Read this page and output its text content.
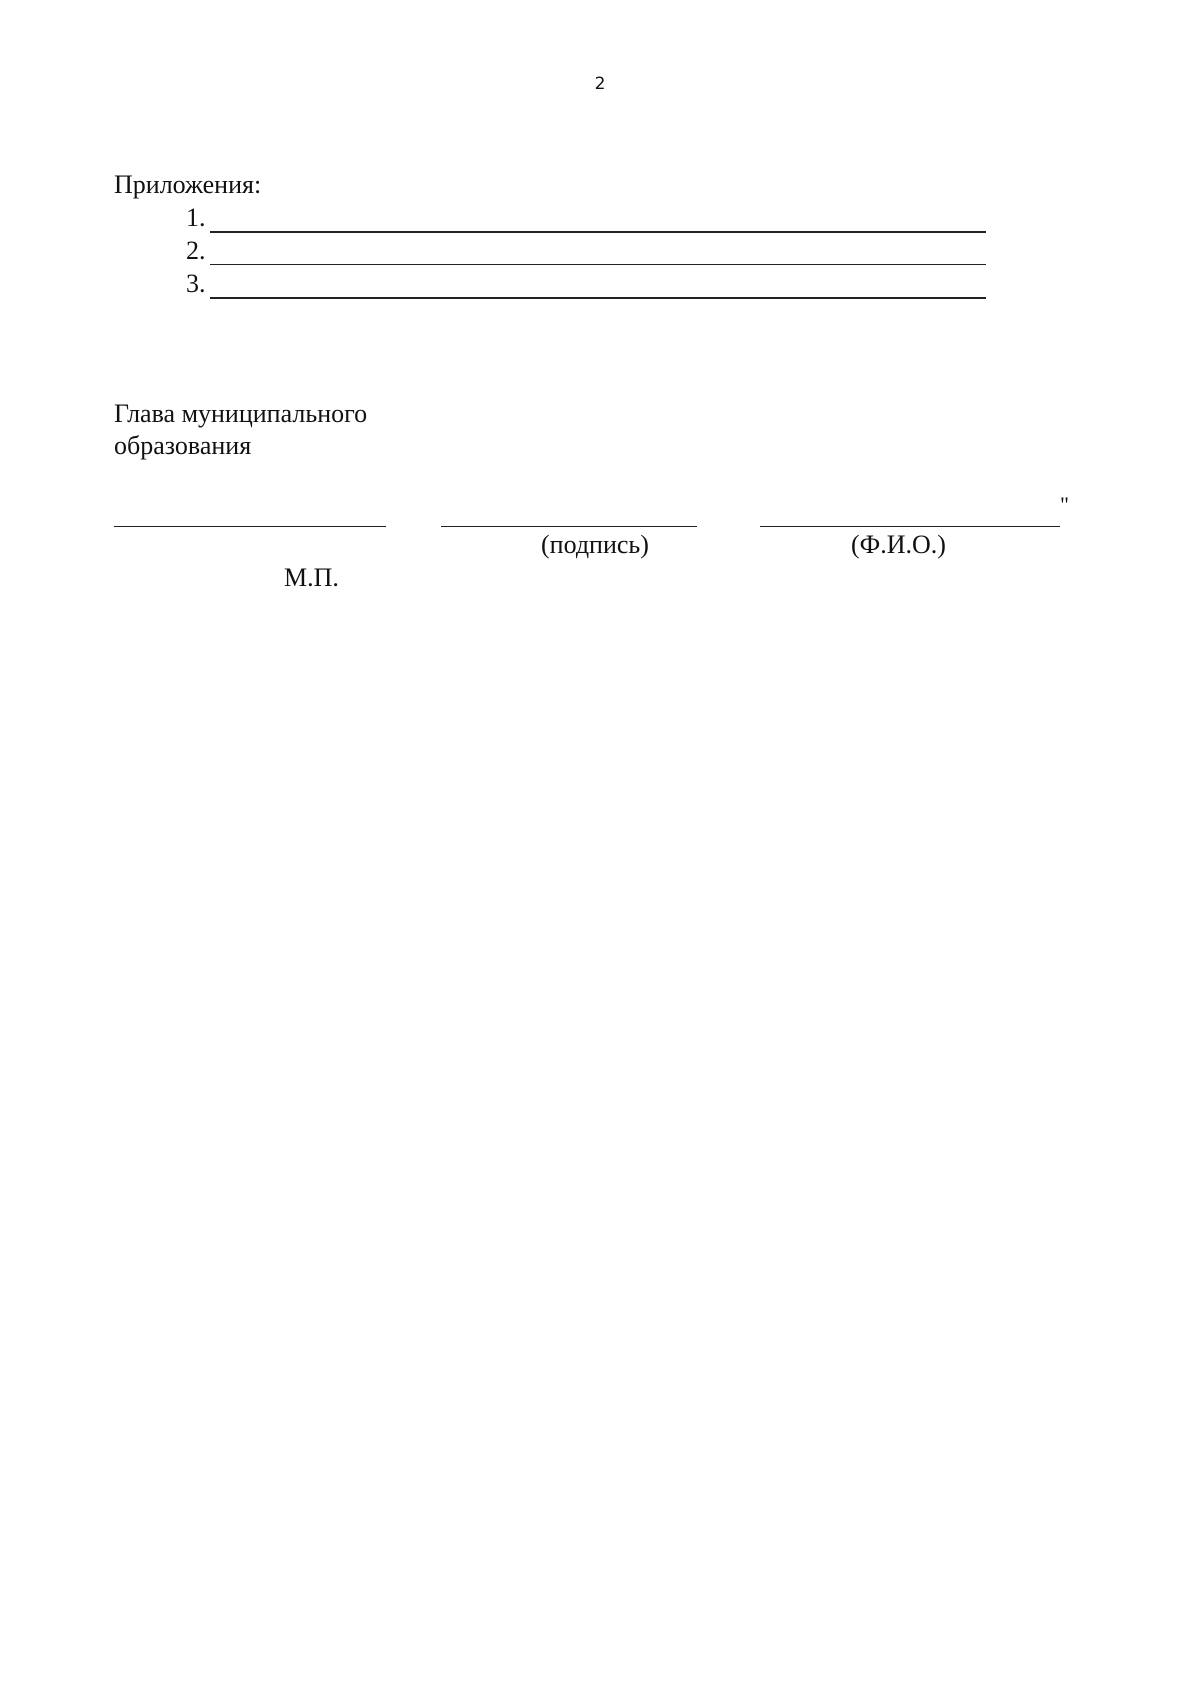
2
Приложения:
1.
2.
3.
Глава муниципального
образования
"
(подпись)	(Ф.И.О.)
М.П.
